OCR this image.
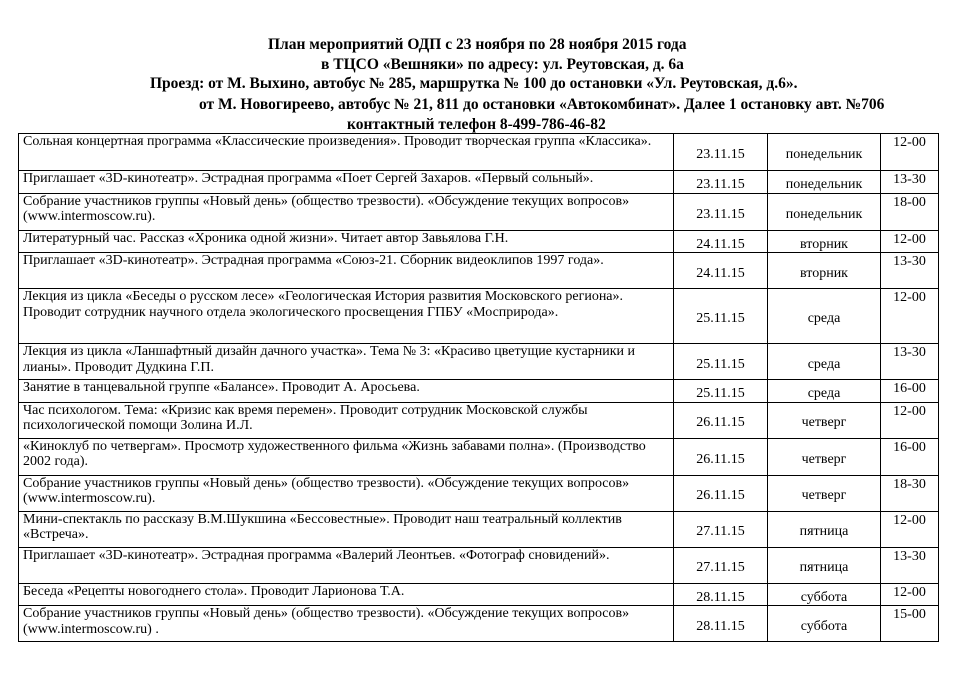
План мероприятий ОДП с 23 ноября по 28 ноября 2015 года
в ТЦСО «Вешняки» по адресу: ул. Реутовская, д. 6а
Проезд: от М. Выхино, автобус № 285, маршрутка № 100 до остановки «Ул. Реутовская, д.6».
от М. Новогиреево, автобус № 21, 811 до остановки «Автокомбинат». Далее 1 остановку авт. №706
контактный телефон 8-499-786-46-82
Сольная концертная программа «Классические произведения». Проводит творческая группа «Классика».	23.11.15	понедельник	12-00
Приглашает «3D-кинотеатр». Эстрадная программа «Поет Сергей Захаров. «Первый сольный».	23.11.15	понедельник	13-30
Собрание участников группы «Новый день» (общество трезвости). «Обсуждение текущих вопросов» (www.intermoscow.ru).	23.11.15	понедельник	18-00
Литературный час. Рассказ «Хроника одной жизни». Читает автор Завьялова Г.Н.	24.11.15	вторник	12-00
Приглашает «3D-кинотеатр». Эстрадная программа «Союз-21. Сборник видеоклипов 1997 года».	24.11.15	вторник	13-30
Лекция из цикла «Беседы о русском лесе» «Геологическая История развития Московского региона». Проводит сотрудник научного отдела экологического просвещения ГПБУ «Мосприрода».	25.11.15	среда	12-00
Лекция из цикла «Ланшафтный дизайн дачного участка». Тема № 3: «Красиво цветущие кустарники и лианы». Проводит Дудкина Г.П.	25.11.15	среда	13-30
Занятие в танцевальной группе «Балансе». Проводит А. Аросьева.	25.11.15	среда	16-00
Час психологом. Тема: «Кризис как время перемен». Проводит сотрудник Московской службы психологической помощи Золина И.Л.	26.11.15	четверг	12-00
«Киноклуб по четвергам». Просмотр художественного фильма «Жизнь забавами полна». (Производство 2002 года).	26.11.15	четверг	16-00
Собрание участников группы «Новый день» (общество трезвости). «Обсуждение текущих вопросов» (www.intermoscow.ru).	26.11.15	четверг	18-30
Мини-спектакль по рассказу В.М.Шукшина «Бессовестные». Проводит наш театральный коллектив «Встреча».	27.11.15	пятница	12-00
Приглашает «3D-кинотеатр». Эстрадная программа «Валерий Леонтьев. «Фотограф сновидений».	27.11.15	пятница	13-30
Беседа «Рецепты новогоднего стола». Проводит Ларионова Т.А.	28.11.15	суббота	12-00
Собрание участников группы «Новый день» (общество трезвости). «Обсуждение текущих вопросов» (www.intermoscow.ru) .	28.11.15	суббота	15-00
